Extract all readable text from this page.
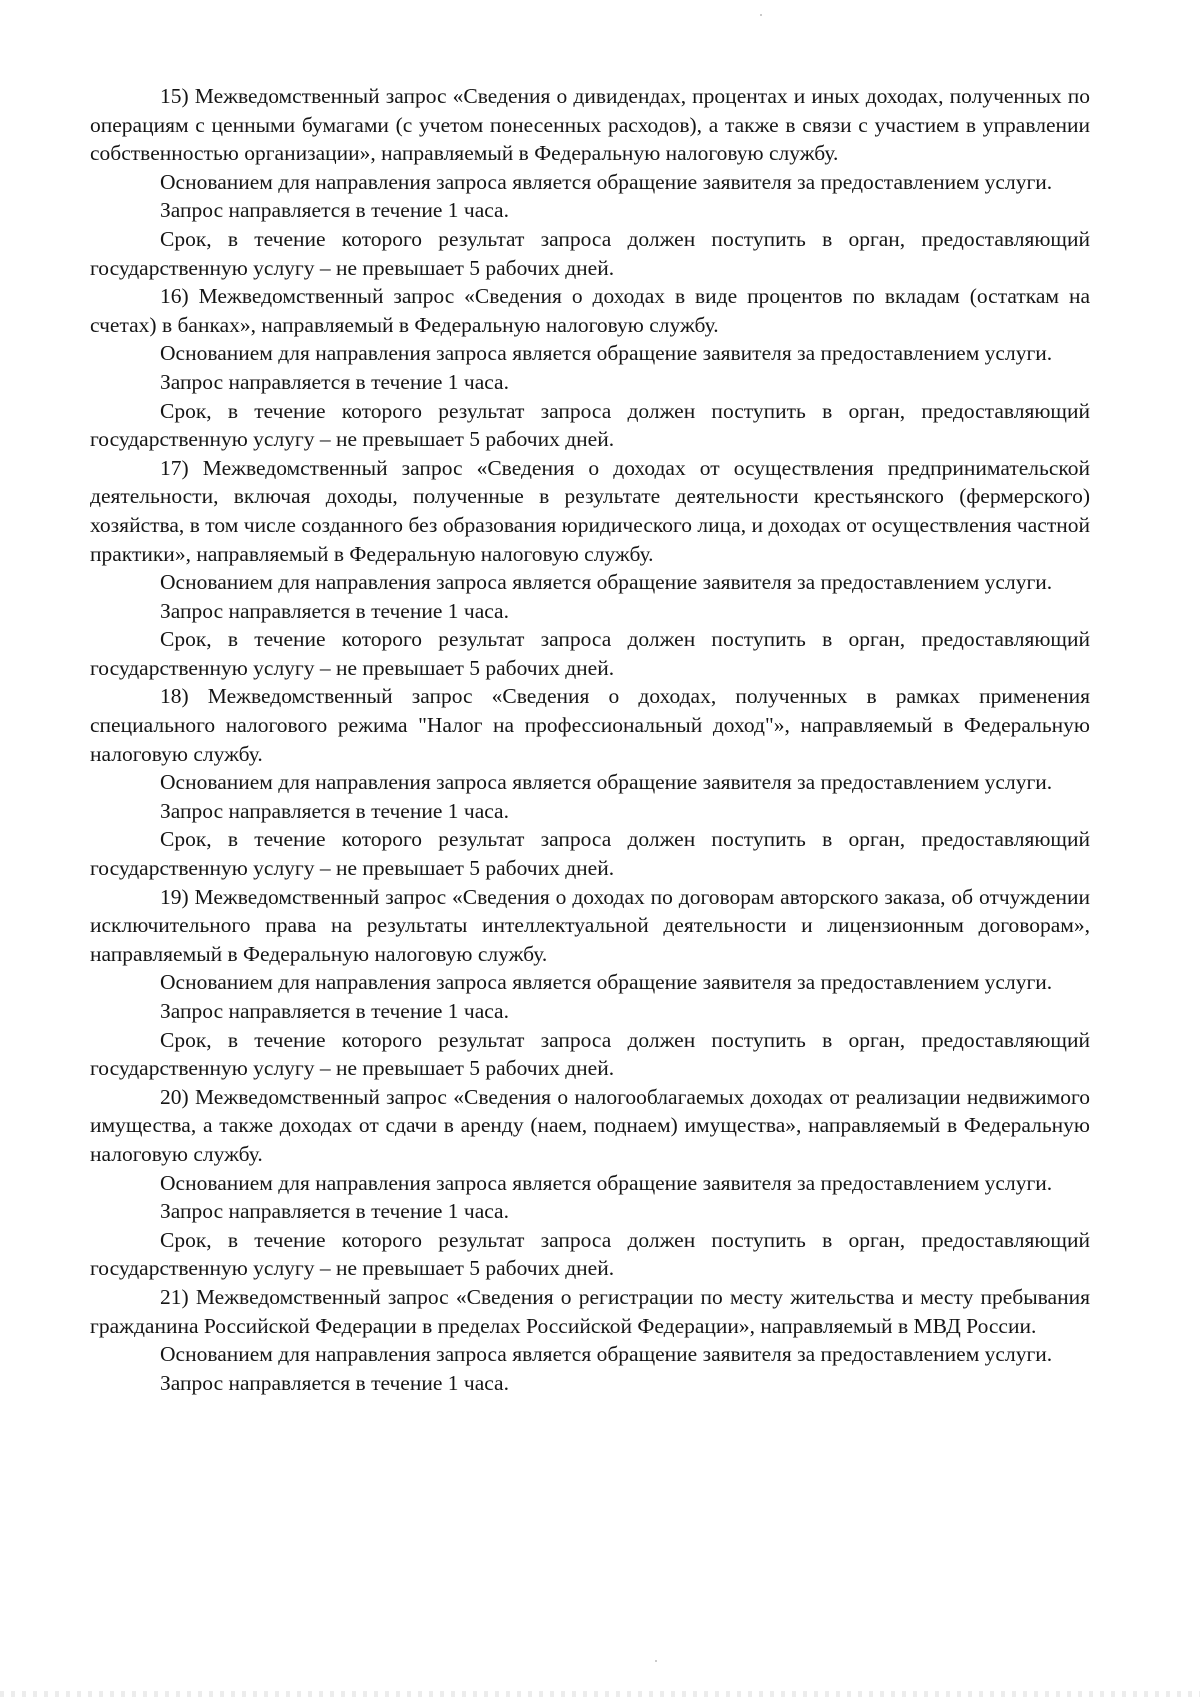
15) Межведомственный запрос «Сведения о дивидендах, процентах и иных доходах, полученных по операциям с ценными бумагами (с учетом понесенных расходов), а также в связи с участием в управлении собственностью организации», направляемый в Федеральную налоговую службу.

Основанием для направления запроса является обращение заявителя за предоставлением услуги.

Запрос направляется в течение 1 часа.

Срок, в течение которого результат запроса должен поступить в орган, предоставляющий государственную услугу – не превышает 5 рабочих дней.

16) Межведомственный запрос «Сведения о доходах в виде процентов по вкладам (остаткам на счетах) в банках», направляемый в Федеральную налоговую службу.

Основанием для направления запроса является обращение заявителя за предоставлением услуги.

Запрос направляется в течение 1 часа.

Срок, в течение которого результат запроса должен поступить в орган, предоставляющий государственную услугу – не превышает 5 рабочих дней.

17) Межведомственный запрос «Сведения о доходах от осуществления предпринимательской деятельности, включая доходы, полученные в результате деятельности крестьянского (фермерского) хозяйства, в том числе созданного без образования юридического лица, и доходах от осуществления частной практики», направляемый в Федеральную налоговую службу.

Основанием для направления запроса является обращение заявителя за предоставлением услуги.

Запрос направляется в течение 1 часа.

Срок, в течение которого результат запроса должен поступить в орган, предоставляющий государственную услугу – не превышает 5 рабочих дней.

18) Межведомственный запрос «Сведения о доходах, полученных в рамках применения специального налогового режима "Налог на профессиональный доход"», направляемый в Федеральную налоговую службу.

Основанием для направления запроса является обращение заявителя за предоставлением услуги.

Запрос направляется в течение 1 часа.

Срок, в течение которого результат запроса должен поступить в орган, предоставляющий государственную услугу – не превышает 5 рабочих дней.

19) Межведомственный запрос «Сведения о доходах по договорам авторского заказа, об отчуждении исключительного права на результаты интеллектуальной деятельности и лицензионным договорам», направляемый в Федеральную налоговую службу.

Основанием для направления запроса является обращение заявителя за предоставлением услуги.

Запрос направляется в течение 1 часа.

Срок, в течение которого результат запроса должен поступить в орган, предоставляющий государственную услугу – не превышает 5 рабочих дней.

20) Межведомственный запрос «Сведения о налогооблагаемых доходах от реализации недвижимого имущества, а также доходах от сдачи в аренду (наем, поднаем) имущества», направляемый в Федеральную налоговую службу.

Основанием для направления запроса является обращение заявителя за предоставлением услуги.

Запрос направляется в течение 1 часа.

Срок, в течение которого результат запроса должен поступить в орган, предоставляющий государственную услугу – не превышает 5 рабочих дней.

21) Межведомственный запрос «Сведения о регистрации по месту жительства и месту пребывания гражданина Российской Федерации в пределах Российской Федерации», направляемый в МВД России.

Основанием для направления запроса является обращение заявителя за предоставлением услуги.

Запрос направляется в течение 1 часа.
